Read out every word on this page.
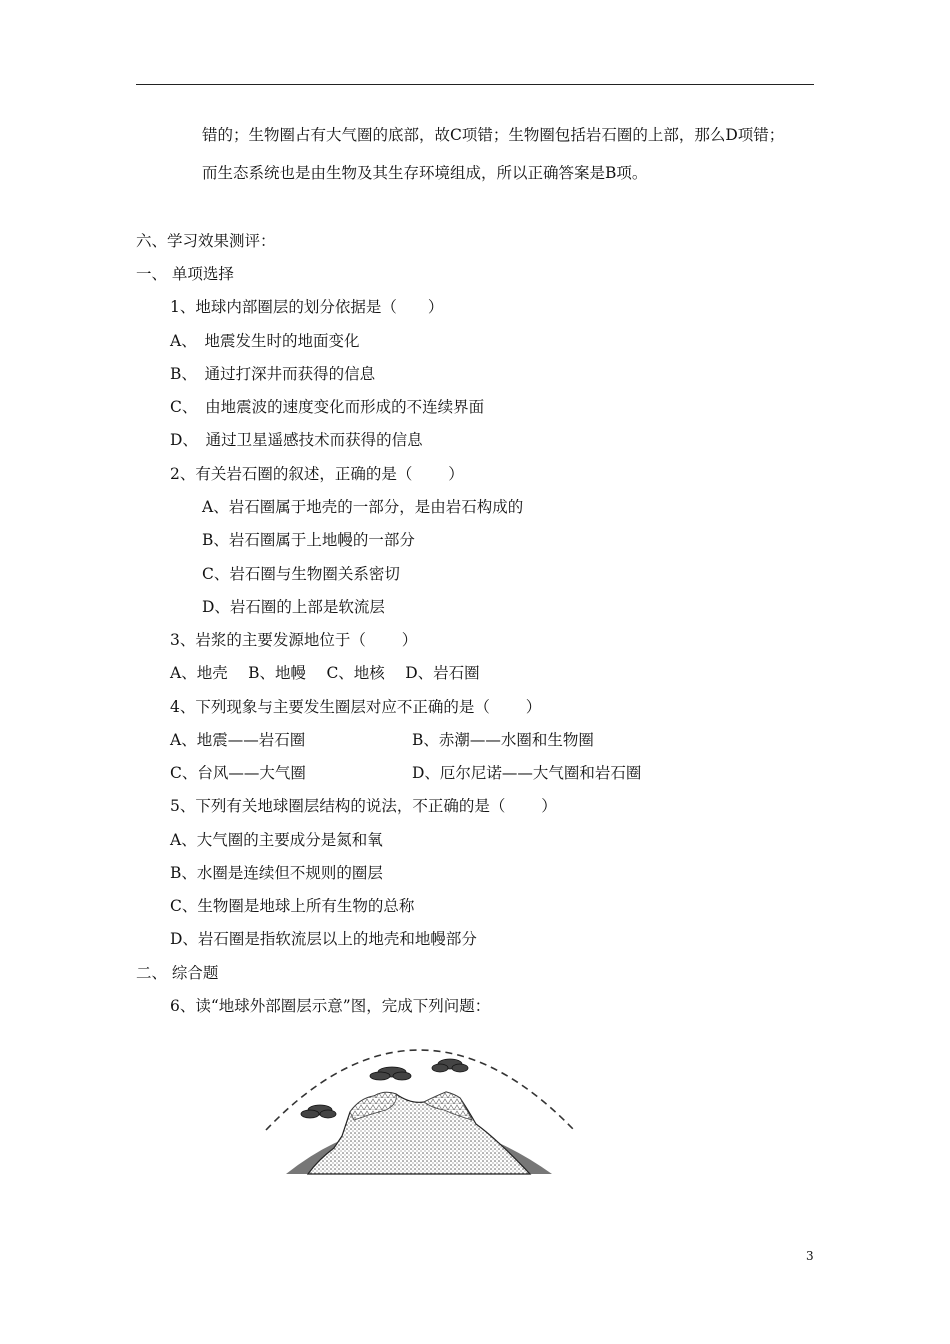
错的；生物圈占有大气圈的底部，故C项错；生物圈包括岩石圈的上部，那么D项错；
而生态系统也是由生物及其生存环境组成，所以正确答案是B项。
六、学习效果测评：
一、 单项选择
1、地球内部圈层的划分依据是（　　）
A、　地震发生时的地面变化
B、　通过打深井而获得的信息
C、　由地震波的速度变化而形成的不连续界面
D、　通过卫星遥感技术而获得的信息
2、有关岩石圈的叙述，正确的是（　　 ）
A、岩石圈属于地壳的一部分，是由岩石构成的
B、岩石圈属于上地幔的一部分
C、岩石圈与生物圈关系密切
D、岩石圈的上部是软流层
3、岩浆的主要发源地位于（　　 ）
A、地壳　 B、地幔　 C、地核　 D、岩石圈
4、下列现象与主要发生圈层对应不正确的是（　　 ）
A、地震——岩石圈	B、赤潮——水圈和生物圈
C、台风——大气圈	D、厄尔尼诺——大气圈和岩石圈
5、下列有关地球圈层结构的说法，不正确的是（　　 ）
A、大气圈的主要成分是氮和氧
B、水圈是连续但不规则的圈层
C、生物圈是地球上所有生物的总称
D、岩石圈是指软流层以上的地壳和地幔部分
二、 综合题
6、读“地球外部圈层示意”图，完成下列问题：
3
